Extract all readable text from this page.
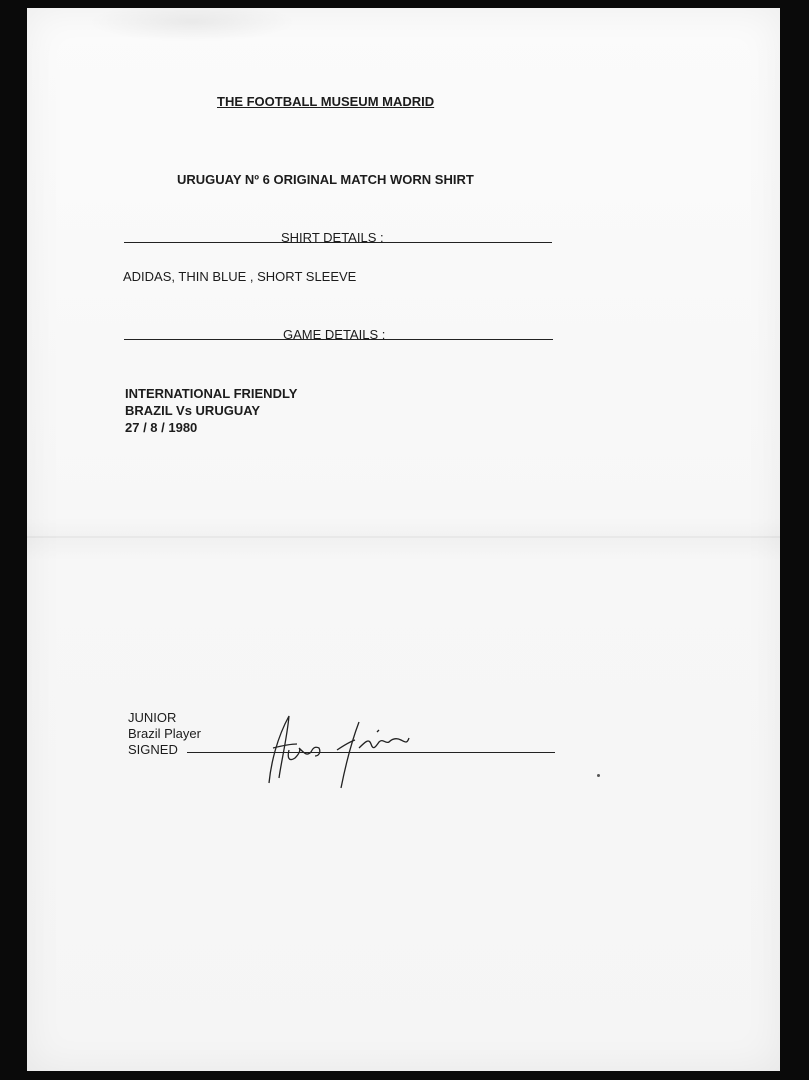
THE FOOTBALL MUSEUM MADRID
URUGUAY Nº 6 ORIGINAL MATCH WORN SHIRT
SHIRT DETAILS :
ADIDAS, THIN BLUE , SHORT SLEEVE
GAME DETAILS :
INTERNATIONAL FRIENDLY
BRAZIL Vs URUGUAY
27 / 8 / 1980
JUNIOR
Brazil Player
SIGNED
